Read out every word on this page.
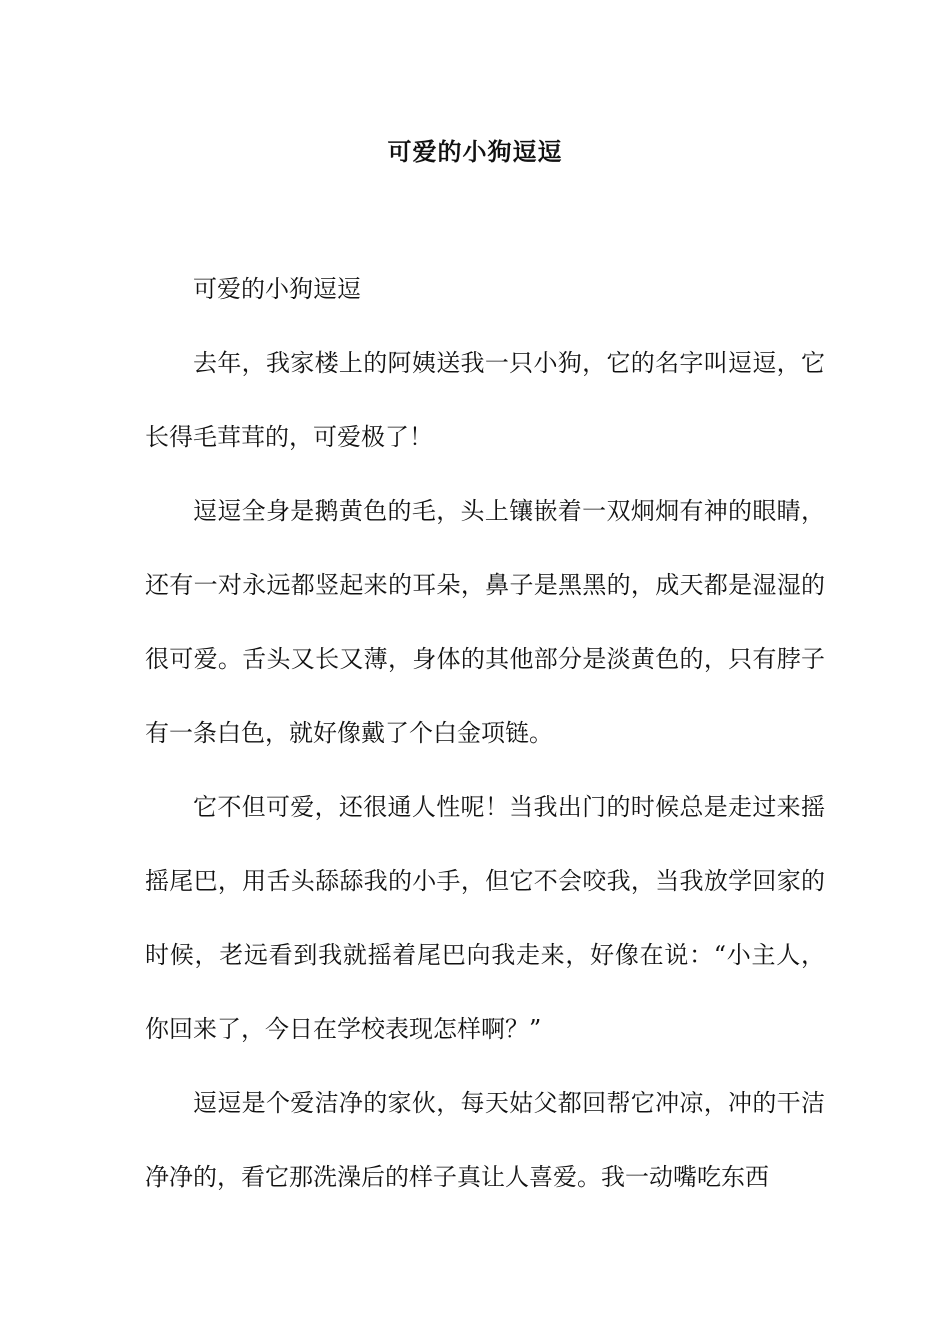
可爱的小狗逗逗

可爱的小狗逗逗

去年，我家楼上的阿姨送我一只小狗，它的名字叫逗逗，它长得毛茸茸的，可爱极了！

逗逗全身是鹅黄色的毛，头上镶嵌着一双炯炯有神的眼睛，还有一对永远都竖起来的耳朵，鼻子是黑黑的，成天都是湿湿的很可爱。舌头又长又薄，身体的其他部分是淡黄色的，只有脖子有一条白色，就好像戴了个白金项链。

它不但可爱，还很通人性呢！当我出门的时候总是走过来摇摇尾巴，用舌头舔舔我的小手，但它不会咬我，当我放学回家的时候，老远看到我就摇着尾巴向我走来，好像在说：“小主人，你回来了，今日在学校表现怎样啊？”

逗逗是个爱洁净的家伙，每天姑父都回帮它冲凉，冲的干洁净净的，看它那洗澡后的样子真让人喜爱。我一动嘴吃东西
